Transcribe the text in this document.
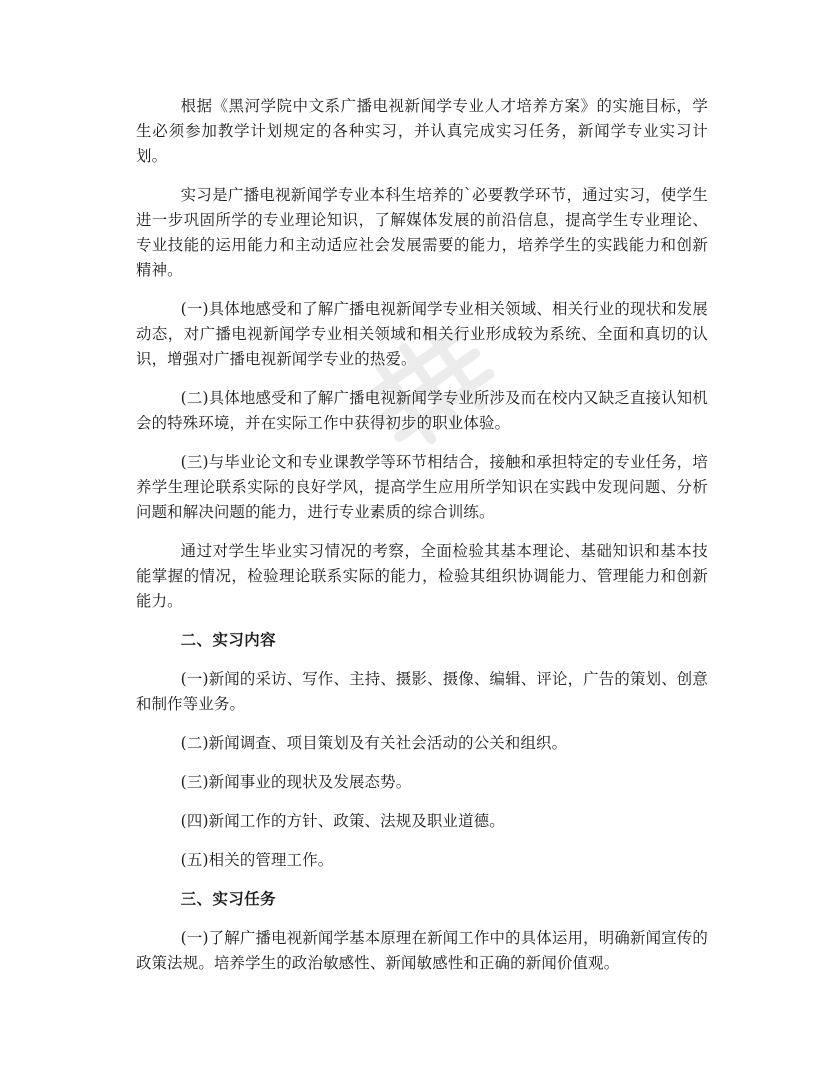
根据《黑河学院中文系广播电视新闻学专业人才培养方案》的实施目标，学生必须参加教学计划规定的各种实习，并认真完成实习任务，新闻学专业实习计划。

实习是广播电视新闻学专业本科生培养的`必要教学环节，通过实习，使学生进一步巩固所学的专业理论知识，了解媒体发展的前沿信息，提高学生专业理论、专业技能的运用能力和主动适应社会发展需要的能力，培养学生的实践能力和创新精神。

(一)具体地感受和了解广播电视新闻学专业相关领域、相关行业的现状和发展动态，对广播电视新闻学专业相关领域和相关行业形成较为系统、全面和真切的认识，增强对广播电视新闻学专业的热爱。

(二)具体地感受和了解广播电视新闻学专业所涉及而在校内又缺乏直接认知机会的特殊环境，并在实际工作中获得初步的职业体验。

(三)与毕业论文和专业课教学等环节相结合，接触和承担特定的专业任务，培养学生理论联系实际的良好学风，提高学生应用所学知识在实践中发现问题、分析问题和解决问题的能力，进行专业素质的综合训练。

通过对学生毕业实习情况的考察，全面检验其基本理论、基础知识和基本技能掌握的情况，检验理论联系实际的能力，检验其组织协调能力、管理能力和创新能力。

二、实习内容

(一)新闻的采访、写作、主持、摄影、摄像、编辑、评论，广告的策划、创意和制作等业务。

(二)新闻调查、项目策划及有关社会活动的公关和组织。

(三)新闻事业的现状及发展态势。

(四)新闻工作的方针、政策、法规及职业道德。

(五)相关的管理工作。

三、实习任务

(一)了解广播电视新闻学基本原理在新闻工作中的具体运用，明确新闻宣传的政策法规。培养学生的政治敏感性、新闻敏感性和正确的新闻价值观。
